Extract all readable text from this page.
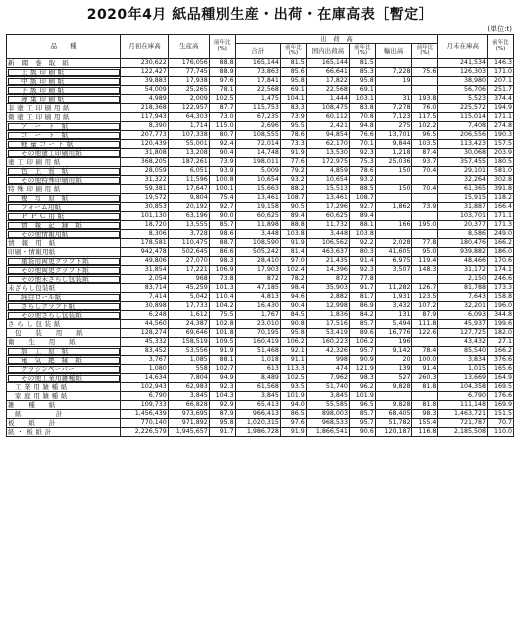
2020年4月 紙品種別生産・出荷・在庫高表［暫定］
(単位:t)
品　　種	月初在庫高	生産高	前年比(%)	出　荷　高						月末在庫高	前年比(%)
				合計	前年比(%)	国内出荷高	前年比(%)	輸出高	前年比(%)		
新　聞　巻　取　紙	230,622	176,056	88.8	165,144	81.5	165,144	81.5			241,534	146.3
上 級 印 刷 紙	122,427	77,745	88.9	73,863	85.6	66,641	85.3	7,228	75.6	126,303	171.0
中 級 印 刷 紙	39,883	17,938	97.6	17,841	95.8	17,822	95.8	19		38,980	207.1
下 級 印 刷 紙	54,009	25,265	78.1	22,568	69.1	22,568	69.1			56,706	251.7
薄 葉 印 刷 紙	4,989	2,009	102.5	1,475	104.1	1,444	103.1	31	193.8	5,523	374.4
非 塗 工 印 刷 用 紙	218,368	122,957	87.7	115,753	83.3	108,475	83.8	7,278	76.0	225,572	194.9
微 塗 工 印 刷 用 紙	117,943	64,303	73.0	67,235	73.9	60,112	70.8	7,123	117.5	115,014	171.1
ア　ー　ト　紙	8,390	1,714	115.0	2,696	95.5	2,421	94.8	275	102.2	7,408	274.8
コ　ー　ト　紙	207,773	107,338	80.7	108,555	78.6	94,854	76.6	13,701	96.5	206,556	190.3
軽 量 コ ー ト 紙	120,439	55,001	92.4	72,014	73.3	62,170	70.1	9,844	103.5	113,423	157.5
その他塗工印刷用紙	31,808	13,208	90.4	14,748	91.9	13,530	92.3	1,218	87.4	30,068	203.9
塗 工 印 刷 用 紙	368,205	187,261	73.9	198,011	77.6	172,975	75.3	25,036	93.7	357,455	180.5
色　上　質　紙	28,059	6,051	93.9	5,009	79.2	4,859	78.6	150	70.4	29,101	581.0
その他特殊印刷用紙	31,322	11,596	100.8	10,654	93.2	10,654	93.2			32,264	302.8
特 殊 印 刷 用 紙	59,381	17,647	100.1	15,663	88.2	15,513	88.5	150	70.4	61,365	391.8
複　写　原　紙	19,572	9,804	75.4	13,461	108.7	13,461	108.7			15,915	118.2
フォーム用紙	30,853	20,192	92.7	19,158	90.5	17,296	92.7	1,862	73.9	31,887	166.4
Ｐ Ｐ Ｃ 用 紙	101,130	63,196	90.0	60,625	89.4	60,625	89.4			103,701	171.1
情　報　記　録　紙	18,720	13,555	85.7	11,898	88.8	11,732	88.1	166	195.0	20,377	171.3
その他情報用紙	8,306	3,728	98.6	3,448	103.8	3,448	103.8			8,586	249.0
情　報　用　紙	178,581	110,475	88.7	108,590	91.9	106,562	92.2	2,028	77.8	180,476	166.2
印刷・情報用紙	942,478	502,645	86.6	505,242	81.4	463,637	80.3	41,605	95.0	939,882	186.0
重袋用両更クラフト紙	49,806	27,070	98.3	28,410	97.0	21,435	91.4	6,975	119.4	48,466	170.6
その他両更クラフト紙	31,854	17,221	106.9	17,903	102.4	14,396	92.3	3,507	148.3	31,172	174.1
その他未ざらし包装紙	2,054	968	73.8	872	78.2	872	77.8			2,150	246.6
未ざらし包装紙	83,714	45,259	101.3	47,185	98.4	35,903	91.7	11,282	126.7	81,788	173.3
純白ロール紙	7,414	5,042	110.4	4,813	94.6	2,882	81.7	1,931	123.5	7,643	158.8
さらしクラフト紙	30,898	17,733	104.2	16,430	90.4	12,998	86.9	3,432	107.2	32,201	196.0
その他さらし包装紙	6,248	1,612	75.5	1,767	84.5	1,836	84.2	131	87.9	6,093	344.8
さ ら し 包 装 紙	44,560	24,387	102.8	23,010	90.8	17,516	85.7	5,494	111.8	45,937	199.6
包　　装　　用　　紙	128,274	69,646	101.8	70,195	95.8	53,419	89.6	16,776	122.6	127,725	182.0
衛　　生　　用　　紙	45,332	158,519	109.5	160,419	106.2	160,223	106.2	196		43,432	27.1
加　工　原　紙	83,452	53,556	91.9	51,468	92.1	42,326	95.7	9,142	78.4	85,540	166.2
電　気　絶　縁　紙	3,767	1,085	88.1	1,018	91.1	998	90.9	20	100.0	3,834	376.6
グラシンペーパー	1,080	558	102.7	613	113.3	474	121.9	139	91.4	1,015	165.6
その他工業用雑種紙	14,634	7,804	94.9	8,489	102.5	7,962	98.3	527	260.3	13,669	164.9
工 業 用 雑 種 紙	102,943	62,983	92.3	61,568	93.5	51,740	96.2	9,828	81.8	104,358	169.5
家 庭 用 雑 種 紙	6,790	3,845	104.3	3,845	101.9	3,845	101.9			6,790	176.6
雑　　種　　紙	109,733	66,828	92.9	65,413	94.0	55,585	96.5	9,828	81.8	111,148	169.9
紙　　　　　計	1,456,439	973,695	87.9	966,413	86.5	898,003	85.7	68,405	98.3	1,463,721	151.5
板　　紙　　計	770,140	971,892	95.8	1,020,315	97.6	968,533	95.7	51,782	155.4	721,787	70.7
紙 ・ 板 紙 計	2,226,579	1,945,657	91.7	1,986,728	91.9	1,866,541	90.6	120,187	116.8	2,185,508	110.0
